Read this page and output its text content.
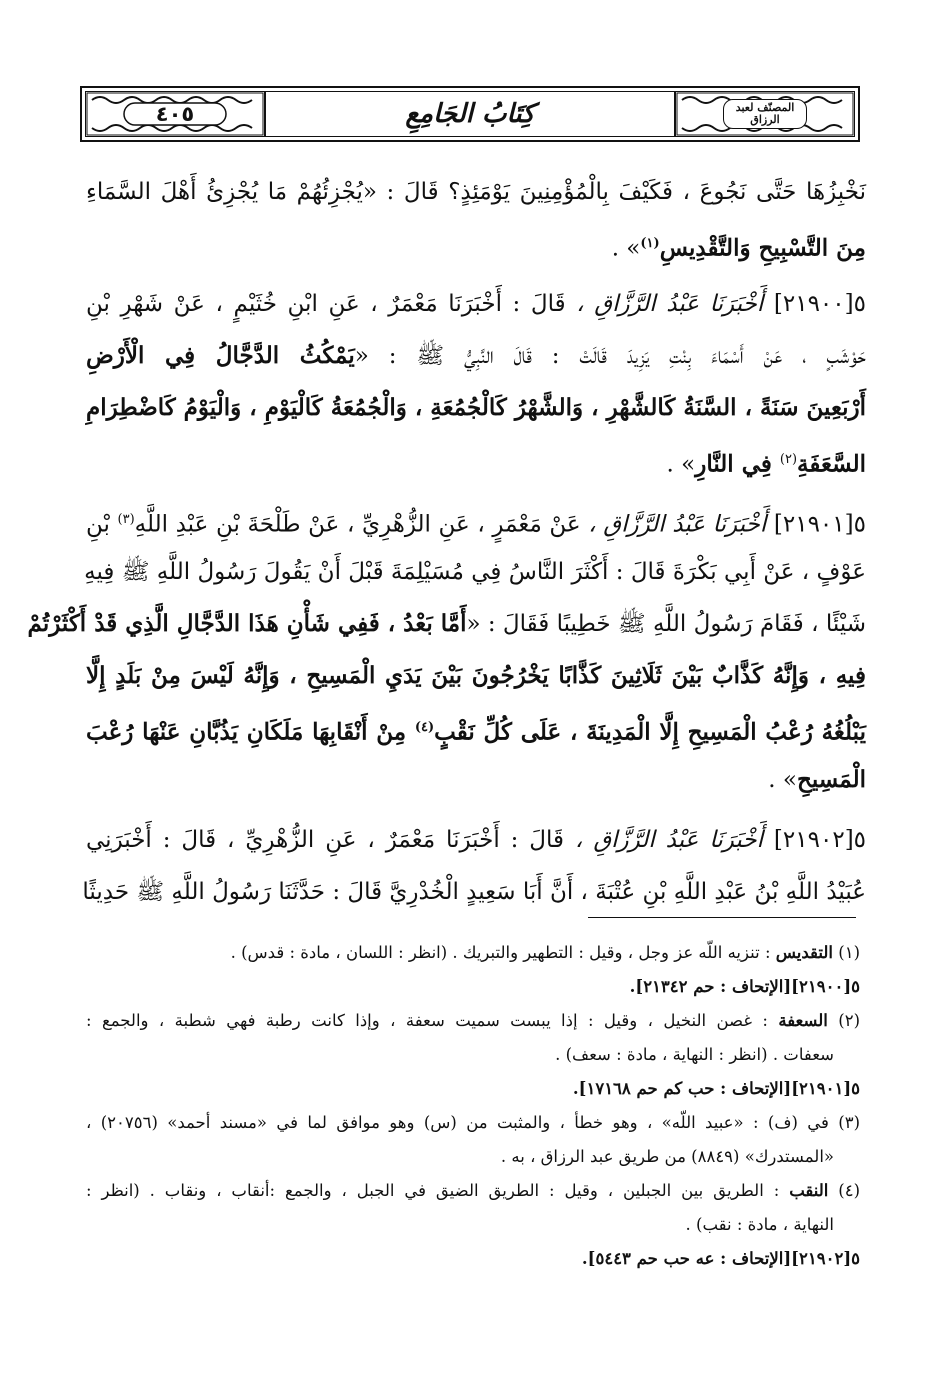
٤٠٥	كِتَابُ الجَامِعِ	المصنّف لعبد الرزاق
نَخْبِزُهَا حَتَّى نَجُوعَ ، فَكَيْفَ بِالْمُؤْمِنِينَ يَوْمَئِذٍ؟ قَالَ : «يُجْزِئُهُمْ مَا يُجْزِئُ أَهْلَ السَّمَاءِ
مِنَ التَّسْبِيحِ وَالتَّقْدِيسِ$^{(١)}$» .
٥[٢١٩٠٠] أَخْبَرَنَا عَبْدُ الرَّزَّاقِ ، قَالَ : أَخْبَرَنَا مَعْمَرٌ ، عَنِ ابْنِ خُثَيْمٍ ، عَنْ شَهْرِ بْنِ
حَوْشَبٍ ، عَنْ أَسْمَاءَ بِنْتِ يَزِيدَ قَالَتْ : قَالَ النَّبِيُّ ﷺ : «يَمْكُثُ الدَّجَّالُ فِي الْأَرْضِ
أَرْبَعِينَ سَنَةً ، السَّنَةُ كَالشَّهْرِ ، وَالشَّهْرُ كَالْجُمُعَةِ ، وَالْجُمُعَةُ كَالْيَوْمِ ، وَالْيَوْمُ كَاضْطِرَامِ
السَّعَفَةِ$^{(٢)}$ فِي النَّارِ» .
٥[٢١٩٠١] أَخْبَرَنَا عَبْدُ الرَّزَّاقِ ، عَنْ مَعْمَرٍ ، عَنِ الزُّهْرِيِّ ، عَنْ طَلْحَةَ بْنِ عَبْدِ اللَّهِ$^{(٣)}$ بْنِ
عَوْفٍ ، عَنْ أَبِي بَكْرَةَ قَالَ : أَكْثَرَ النَّاسُ فِي مُسَيْلِمَةَ قَبْلَ أَنْ يَقُولَ رَسُولُ اللَّهِ ﷺ فِيهِ
شَيْئًا ، فَقَامَ رَسُولُ اللَّهِ ﷺ خَطِيبًا فَقَالَ : «أَمَّا بَعْدُ ، فَفِي شَأْنِ هَذَا الدَّجَّالِ الَّذِي قَدْ أَكْثَرْتُمْ
فِيهِ ، وَإِنَّهُ كَذَّابٌ بَيْنَ ثَلَاثِينَ كَذَّابًا يَخْرُجُونَ بَيْنَ يَدَيِ الْمَسِيحِ ، وَإِنَّهُ لَيْسَ مِنْ بَلَدٍ إِلَّا
يَبْلُغُهُ رُعْبُ الْمَسِيحِ إِلَّا الْمَدِينَةَ ، عَلَى كُلِّ نَقْبٍ$^{(٤)}$ مِنْ أَنْقَابِهَا مَلَكَانِ يَذُبَّانِ عَنْهَا رُعْبَ
الْمَسِيحِ» .
٥[٢١٩٠٢] أَخْبَرَنَا عَبْدُ الرَّزَّاقِ ، قَالَ : أَخْبَرَنَا مَعْمَرٌ ، عَنِ الزُّهْرِيِّ ، قَالَ : أَخْبَرَنِي
عُبَيْدُ اللَّهِ بْنُ عَبْدِ اللَّهِ بْنِ عُتْبَةَ ، أَنَّ أَبَا سَعِيدٍ الْخُدْرِيَّ قَالَ : حَدَّثَنَا رَسُولُ اللَّهِ ﷺ حَدِيثًا
(١) التقديس : تنزيه اللّه عز وجل ، وقيل : التطهير والتبريك . (انظر : اللسان ، مادة : قدس) .
٥[٢١٩٠٠][الإتحاف : حم ٢١٣٤٢].
(٢) السعفة : غصن النخيل ، وقيل : إذا يبست سميت سعفة ، وإذا كانت رطبة فهي شطبة ، والجمع :
سعفات . (انظر : النهاية ، مادة : سعف) .
٥[٢١٩٠١][الإتحاف : حب كم حم ١٧١٦٨].
(٣) في (ف) : «عبيد اللّه» ، وهو خطأ ، والمثبت من (س) وهو موافق لما في «مسند أحمد» (٢٠٧٥٦) ،
«المستدرك» (٨٨٤٩) من طريق عبد الرزاق ، به .
(٤) النقب : الطريق بين الجبلين ، وقيل : الطريق الضيق في الجبل ، والجمع :أنقاب ، ونقاب . (انظر :
النهاية ، مادة : نقب) .
٥[٢١٩٠٢][الإتحاف : عه حب حم ٥٤٤٣].
